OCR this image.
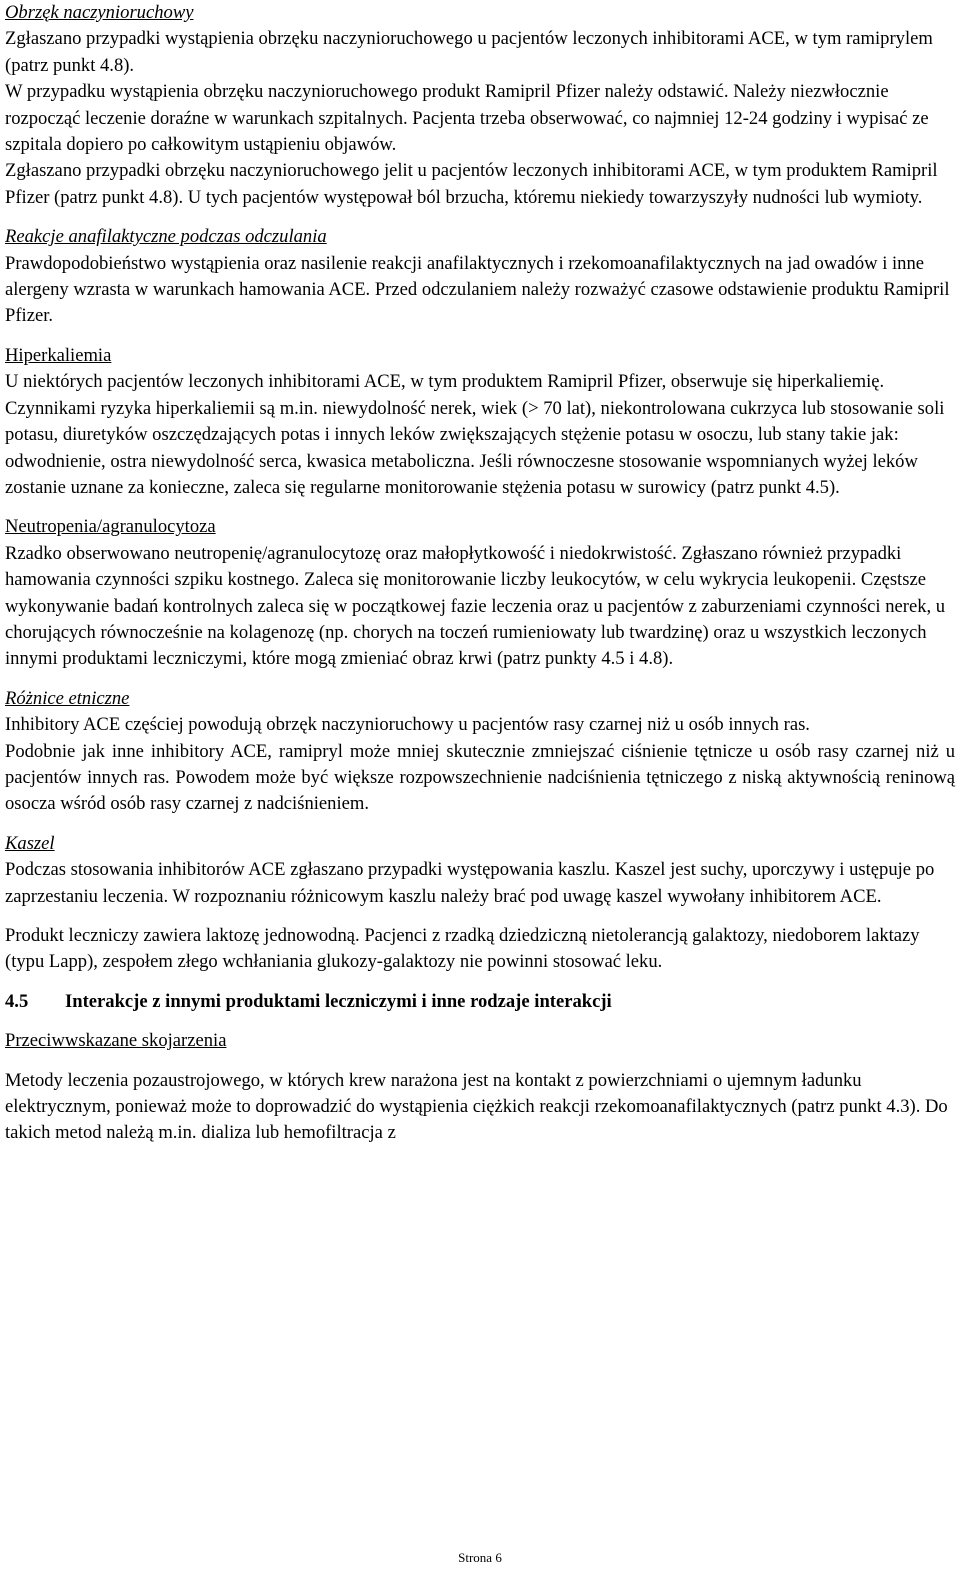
Obrzęk naczynioruchowy

Zgłaszano przypadki wystąpienia obrzęku naczynioruchowego u pacjentów leczonych inhibitorami ACE, w tym ramiprylem (patrz punkt 4.8).

W przypadku wystąpienia obrzęku naczynioruchowego produkt Ramipril Pfizer należy odstawić. Należy niezwłocznie rozpocząć leczenie doraźne w warunkach szpitalnych. Pacjenta trzeba obserwować, co najmniej 12-24 godziny i wypisać ze szpitala dopiero po całkowitym ustąpieniu objawów.

Zgłaszano przypadki obrzęku naczynioruchowego jelit u pacjentów leczonych inhibitorami ACE, w tym produktem Ramipril Pfizer (patrz punkt 4.8). U tych pacjentów występował ból brzucha, któremu niekiedy towarzyszyły nudności lub wymioty.

Reakcje anafilaktyczne podczas odczulania

Prawdopodobieństwo wystąpienia oraz nasilenie reakcji anafilaktycznych i rzekomoanafilaktycznych na jad owadów i inne alergeny wzrasta w warunkach hamowania ACE. Przed odczulaniem należy rozważyć czasowe odstawienie produktu Ramipril Pfizer.

Hiperkaliemia

U niektórych pacjentów leczonych inhibitorami ACE, w tym produktem Ramipril Pfizer, obserwuje się hiperkaliemię. Czynnikami ryzyka hiperkaliemii są m.in. niewydolność nerek, wiek (> 70 lat), niekontrolowana cukrzyca lub stosowanie soli potasu, diuretyków oszczędzających potas i innych leków zwiększających stężenie potasu w osoczu, lub stany takie jak: odwodnienie, ostra niewydolność serca, kwasica metaboliczna. Jeśli równoczesne stosowanie wspomnianych wyżej leków zostanie uznane za konieczne, zaleca się regularne monitorowanie stężenia potasu w surowicy (patrz punkt 4.5).

Neutropenia/agranulocytoza

Rzadko obserwowano neutropenię/agranulocytozę oraz małopłytkowość i niedokrwistość. Zgłaszano również przypadki hamowania czynności szpiku kostnego. Zaleca się monitorowanie liczby leukocytów, w celu wykrycia leukopenii. Częstsze wykonywanie badań kontrolnych zaleca się w początkowej fazie leczenia oraz u pacjentów z zaburzeniami czynności nerek, u chorujących równocześnie na kolagenozę (np. chorych na toczeń rumieniowaty lub twardzinę) oraz u wszystkich leczonych innymi produktami leczniczymi, które mogą zmieniać obraz krwi (patrz punkty 4.5 i 4.8).

Różnice etniczne

Inhibitory ACE częściej powodują obrzęk naczynioruchowy u pacjentów rasy czarnej niż u osób innych ras.

Podobnie jak inne inhibitory ACE, ramipryl może mniej skutecznie zmniejszać ciśnienie tętnicze u osób rasy czarnej niż u pacjentów innych ras. Powodem może być większe rozpowszechnienie nadciśnienia tętniczego z niską aktywnością reninową osocza wśród osób rasy czarnej z nadciśnieniem.

Kaszel

Podczas stosowania inhibitorów ACE zgłaszano przypadki występowania kaszlu. Kaszel jest suchy, uporczywy i ustępuje po zaprzestaniu leczenia. W rozpoznaniu różnicowym kaszlu należy brać pod uwagę kaszel wywołany inhibitorem ACE.

Produkt leczniczy zawiera laktozę jednowodną. Pacjenci z rzadką dziedziczną nietolerancją galaktozy, niedoborem laktazy (typu Lapp), zespołem złego wchłaniania glukozy-galaktozy nie powinni stosować leku.

4.5 Interakcje z innymi produktami leczniczymi i inne rodzaje interakcji

Przeciwwskazane skojarzenia

Metody leczenia pozaustrojowego, w których krew narażona jest na kontakt z powierzchniami o ujemnym ładunku elektrycznym, ponieważ może to doprowadzić do wystąpienia ciężkich reakcji rzekomoanafilaktycznych (patrz punkt 4.3). Do takich metod należą m.in. dializa lub hemofiltracja z

Strona 6
